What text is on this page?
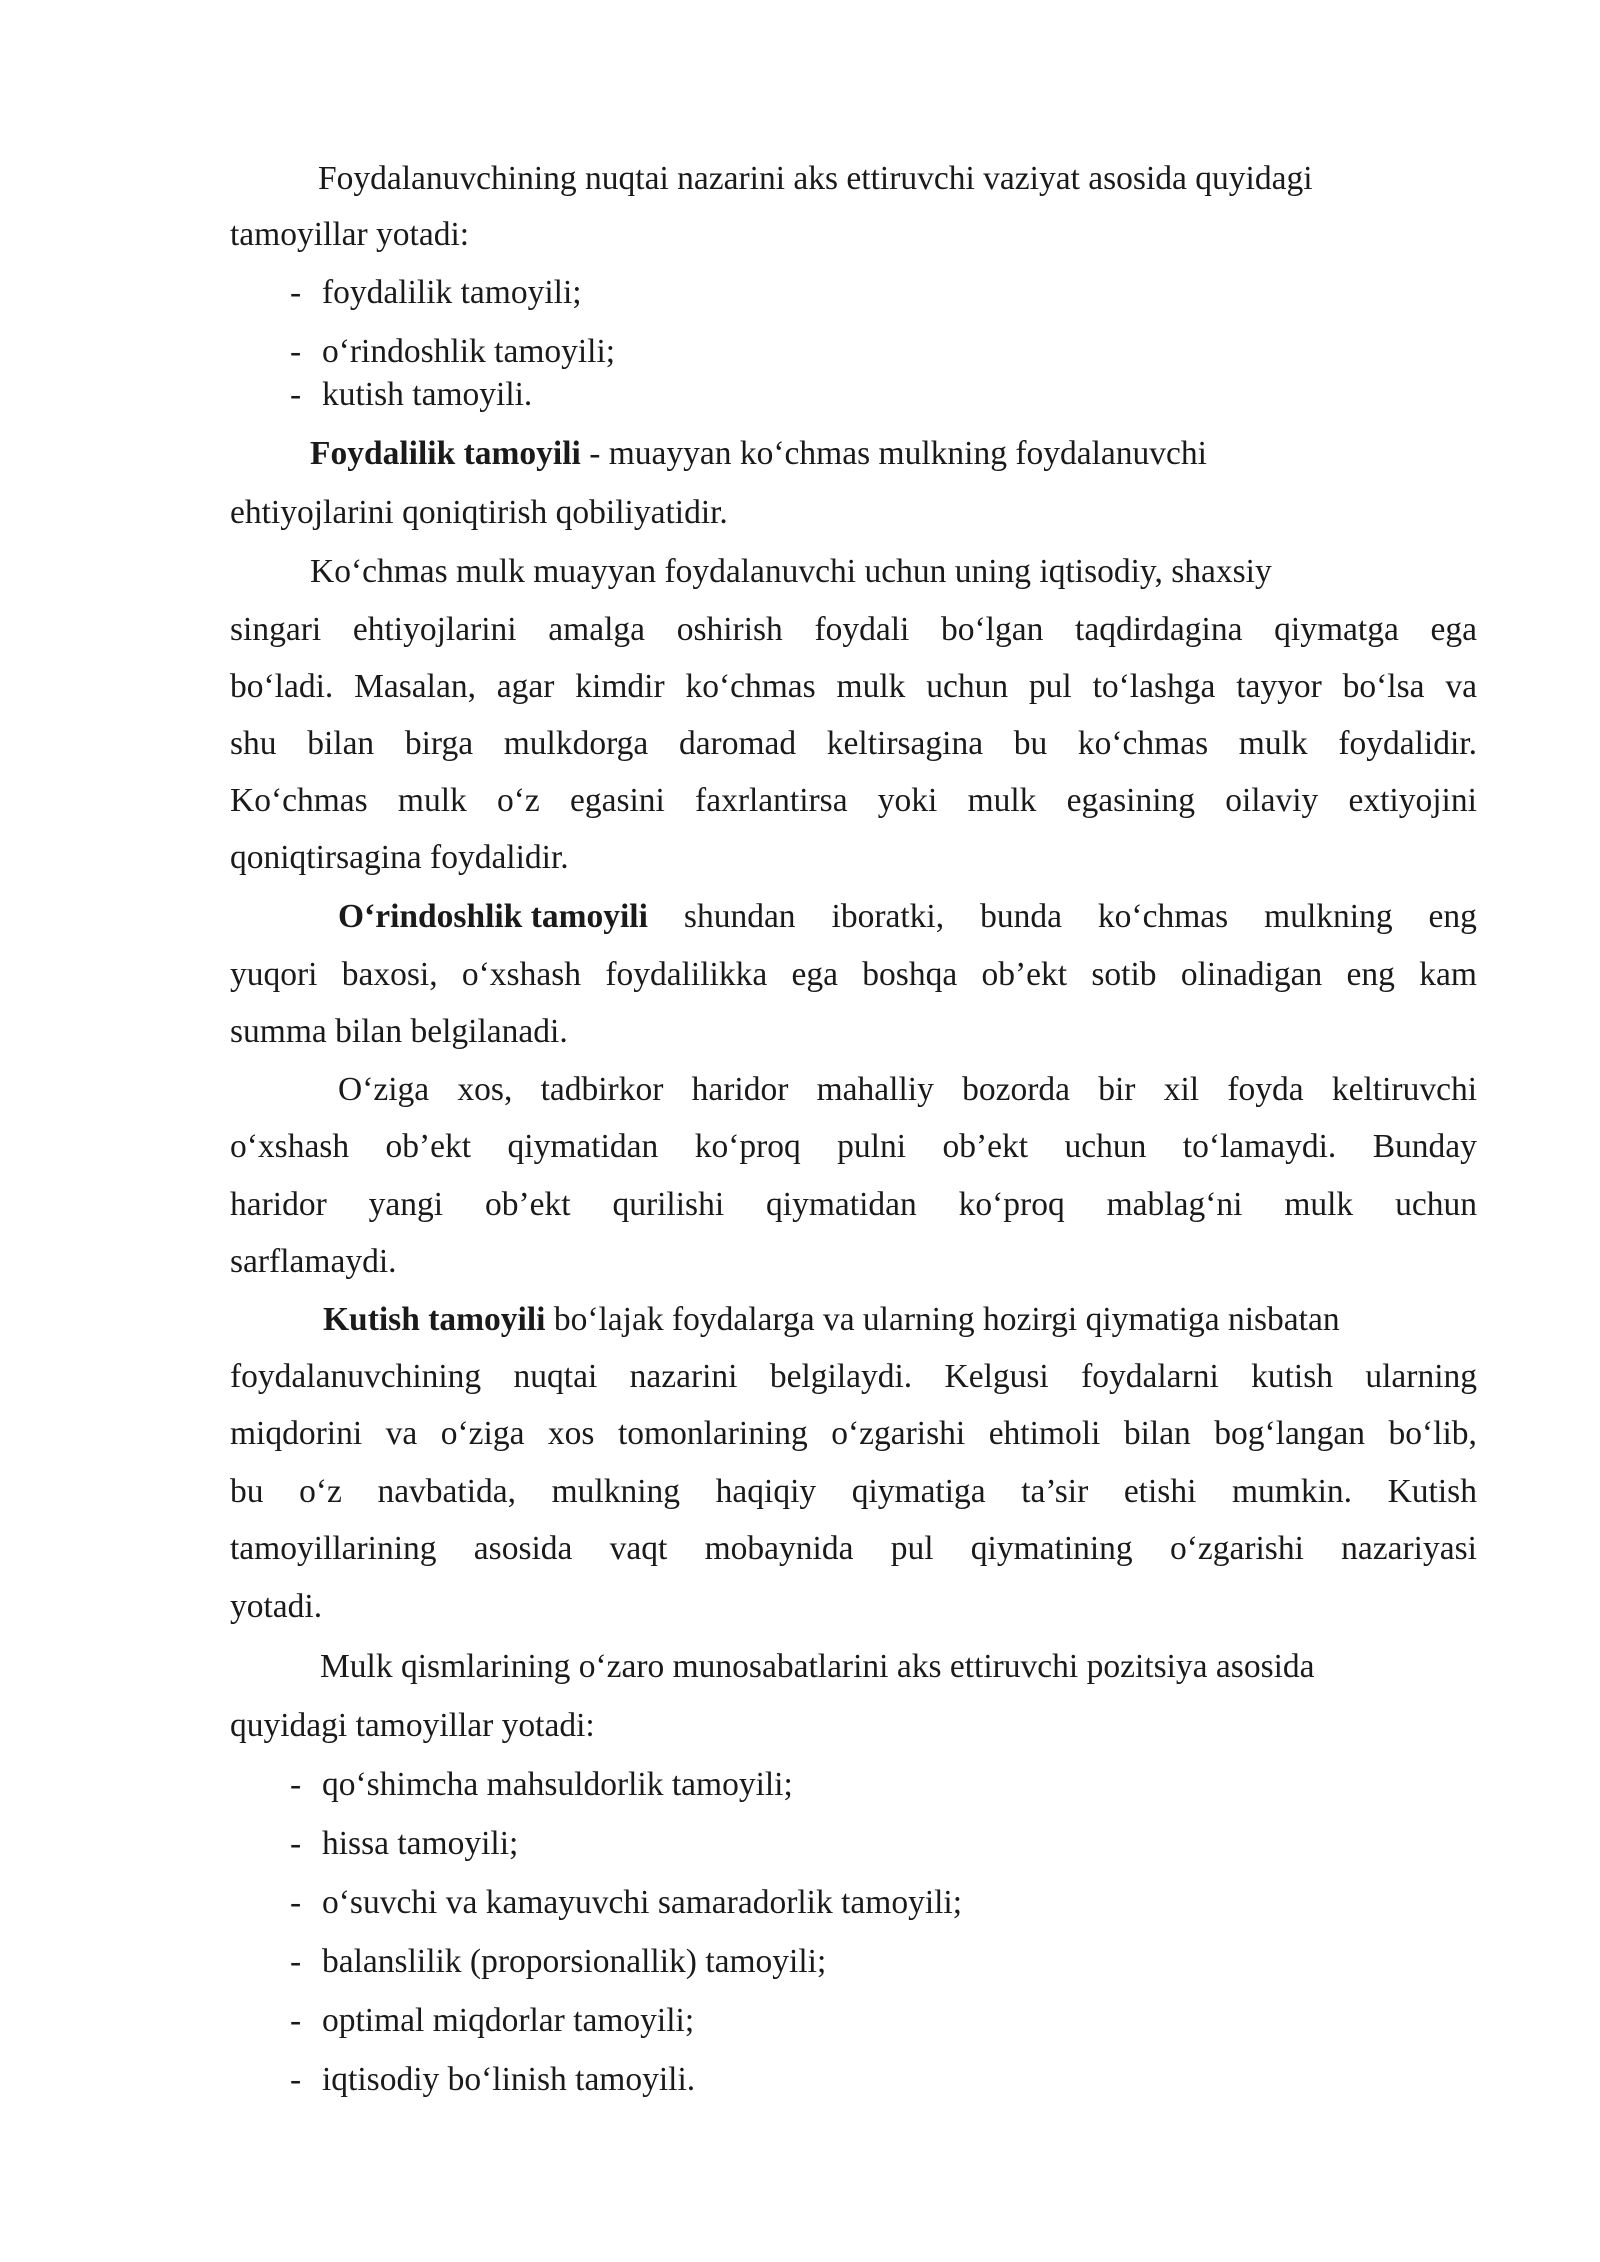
Foydalanuvchining nuqtai nazarini aks ettiruvchi vaziyat asosida quyidagi
tamoyillar yotadi:
- foydalilik tamoyili;
- o‘rindoshlik tamoyili;
- kutish tamoyili.
Foydalilik tamoyili - muayyan ko‘chmas mulkning foydalanuvchi
ehtiyojlarini qoniqtirish qobiliyatidir.
Ko‘chmas mulk muayyan foydalanuvchi uchun uning iqtisodiy, shaxsiy
singari ehtiyojlarini amalga oshirish foydali bo‘lgan taqdirdagina qiymatga ega
bo‘ladi. Masalan, agar kimdir ko‘chmas mulk uchun pul to‘lashga tayyor bo‘lsa va
shu bilan birga mulkdorga daromad keltirsagina bu ko‘chmas mulk foydalidir.
Ko‘chmas mulk o‘z egasini faxrlantirsa yoki mulk egasining oilaviy extiyojini
qoniqtirsagina foydalidir.
O‘rindoshlik tamoyili shundan iboratki, bunda ko‘chmas mulkning eng
yuqori baxosi, o‘xshash foydalilikka ega boshqa ob’ekt sotib olinadigan eng kam
summa bilan belgilanadi.
O‘ziga xos, tadbirkor haridor mahalliy bozorda bir xil foyda keltiruvchi
o‘xshash ob’ekt qiymatidan ko‘proq pulni ob’ekt uchun to‘lamaydi. Bunday
haridor yangi ob’ekt qurilishi qiymatidan ko‘proq mablag‘ni mulk uchun
sarflamaydi.
Kutish tamoyili bo‘lajak foydalarga va ularning hozirgi qiymatiga nisbatan
foydalanuvchining nuqtai nazarini belgilaydi. Kelgusi foydalarni kutish ularning
miqdorini va o‘ziga xos tomonlarining o‘zgarishi ehtimoli bilan bog‘langan bo‘lib,
bu o‘z navbatida, mulkning haqiqiy qiymatiga ta’sir etishi mumkin. Kutish
tamoyillarining asosida vaqt mobaynida pul qiymatining o‘zgarishi nazariyasi
yotadi.
Mulk qismlarining o‘zaro munosabatlarini aks ettiruvchi pozitsiya asosida
quyidagi tamoyillar yotadi:
- qo‘shimcha mahsuldorlik tamoyili;
- hissa tamoyili;
- o‘suvchi va kamayuvchi samaradorlik tamoyili;
- balanslilik (proporsionallik) tamoyili;
- optimal miqdorlar tamoyili;
- iqtisodiy bo‘linish tamoyili.
